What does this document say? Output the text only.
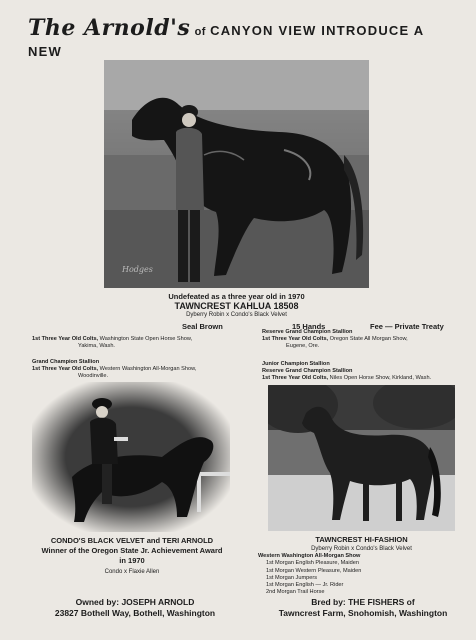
The Arnold's of CANYON VIEW INTRODUCE A NEW
Hodges
Undefeated as a three year old in 1970
TAWNCREST KAHLUA 18508
Dyberry Robin x Condo's Black Velvet
Seal Brown	15 Hands	Fee — Private Treaty
1st Three Year Old Colts, Washington State Open Horse Show,
Yakima, Wash.
Grand Champion Stallion
1st Three Year Old Colts, Western Washington All-Morgan Show,
Woodinville.
Reserve Grand Champion Stallion
1st Three Year Old Colts, Oregon State All Morgan Show,
Eugene, Ore.
Junior Champion Stallion
Reserve Grand Champion Stallion
1st Three Year Old Colts, Niles Open Horse Show, Kirkland, Wash.
CONDO'S BLACK VELVET and TERI ARNOLD
Winner of the Oregon State Jr. Achievement Award
in 1970
Condo x Flaxie Allen
TAWNCREST HI-FASHION
Dyberry Robin x Condo's Black Velvet
Western Washington All-Morgan Show
1st Morgan English Pleasure, Maiden
1st Morgan Western Pleasure, Maiden
1st Morgan Jumpers
1st Morgan English — Jr. Rider
2nd Morgan Trail Horse
Owned by: JOSEPH ARNOLD
23827 Bothell Way, Bothell, Washington
Bred by: THE FISHERS of
Tawncrest Farm, Snohomish, Washington
